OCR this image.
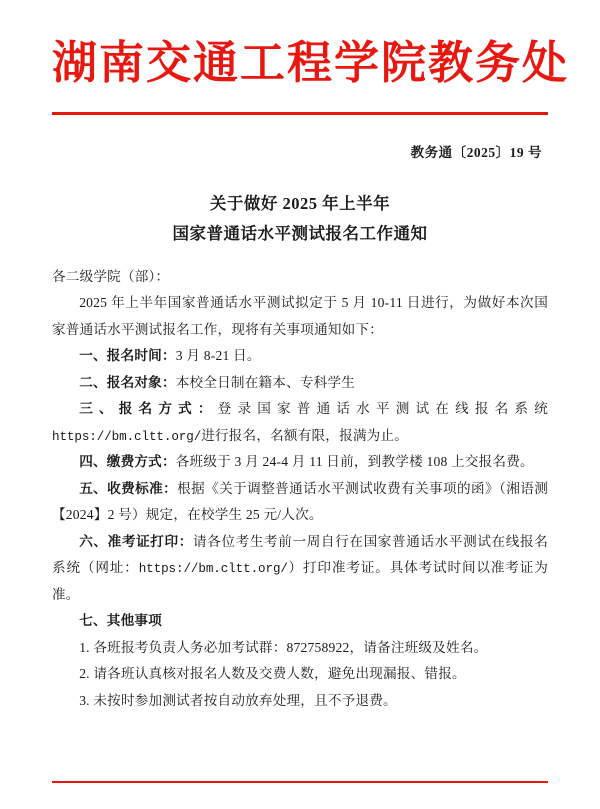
湖南交通工程学院教务处
教务通〔2025〕19 号
关于做好 2025 年上半年
国家普通话水平测试报名工作通知

各二级学院（部）：

2025 年上半年国家普通话水平测试拟定于 5 月 10-11 日进行，为做好本次国家普通话水平测试报名工作，现将有关事项通知如下：

一、报名时间：3 月 8-21 日。

二、报名对象：本校全日制在籍本、专科学生

三、报名方式：登录国家普通话水平测试在线报名系统https://bm.cltt.org/进行报名，名额有限，报满为止。

四、缴费方式：各班级于 3 月 24-4 月 11 日前，到教学楼 108 上交报名费。

五、收费标准：根据《关于调整普通话水平测试收费有关事项的函》（湘语测【2024】2 号）规定，在校学生 25 元/人次。

六、准考证打印：请各位考生考前一周自行在国家普通话水平测试在线报名系统（网址：https://bm.cltt.org/）打印准考证。具体考试时间以准考证为准。

七、其他事项

1. 各班报考负责人务必加考试群：872758922，请备注班级及姓名。
2. 请各班认真核对报名人数及交费人数，避免出现漏报、错报。
3. 未按时参加测试者按自动放弃处理，且不予退费。
